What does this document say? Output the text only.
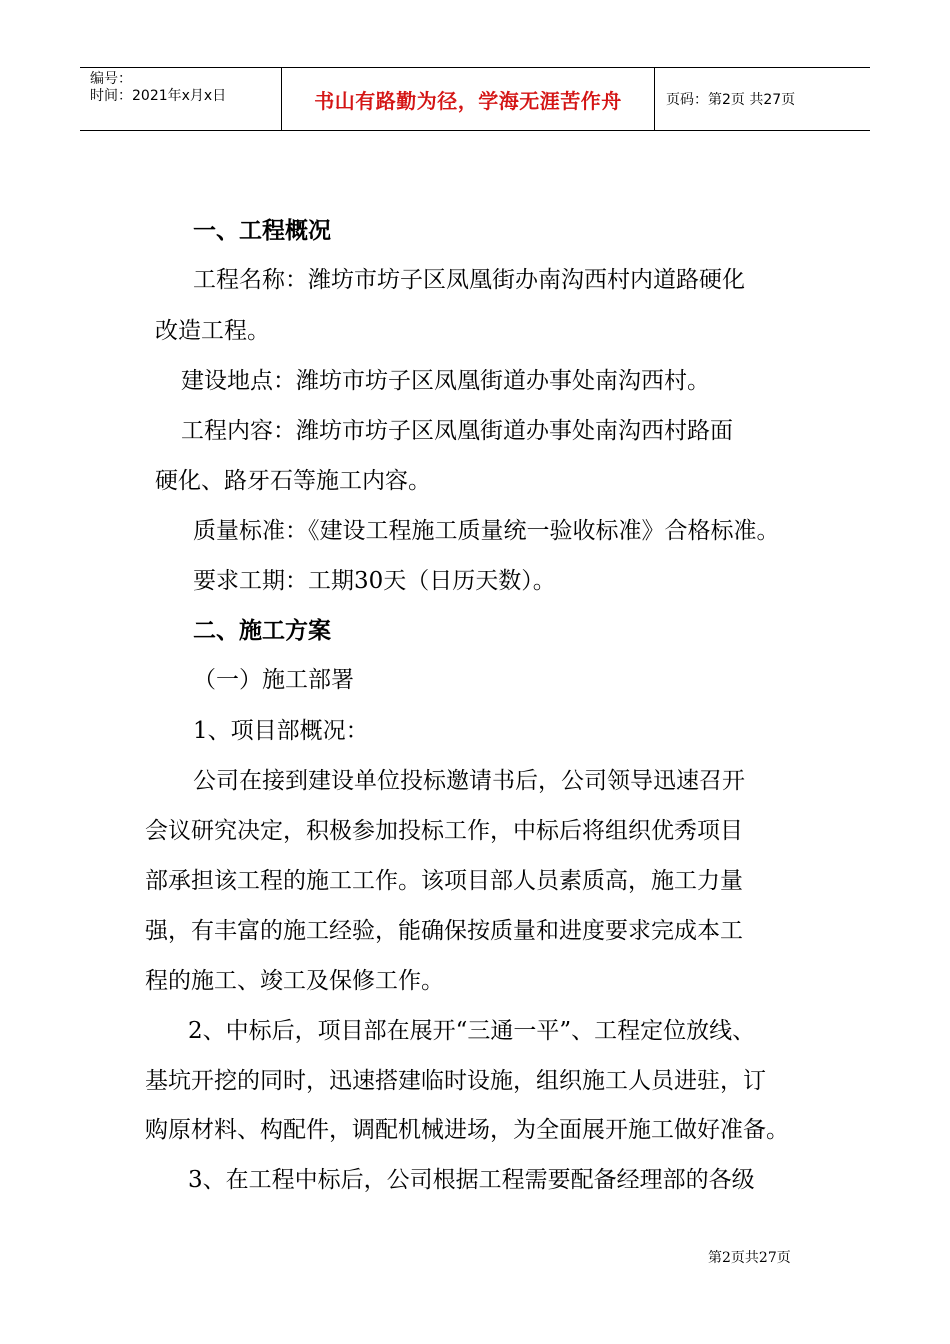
编号：
时间：2021年x月x日	书山有路勤为径，学海无涯苦作舟	页码：第2页 共27页
一、工程概况
工程名称：潍坊市坊子区凤凰街办南沟西村内道路硬化
改造工程。
建设地点：潍坊市坊子区凤凰街道办事处南沟西村。
工程内容：潍坊市坊子区凤凰街道办事处南沟西村路面
硬化、路牙石等施工内容。
质量标准：《建设工程施工质量统一验收标准》合格标准。
要求工期：工期30天（日历天数）。
二、施工方案
（一）施工部署
1、项目部概况：
公司在接到建设单位投标邀请书后，公司领导迅速召开
会议研究决定，积极参加投标工作，中标后将组织优秀项目
部承担该工程的施工工作。该项目部人员素质高，施工力量
强，有丰富的施工经验，能确保按质量和进度要求完成本工
程的施工、竣工及保修工作。
2、中标后，项目部在展开“三通一平”、工程定位放线、
基坑开挖的同时，迅速搭建临时设施，组织施工人员进驻，订
购原材料、构配件，调配机械进场，为全面展开施工做好准备。
3、在工程中标后，公司根据工程需要配备经理部的各级
第2页共27页
